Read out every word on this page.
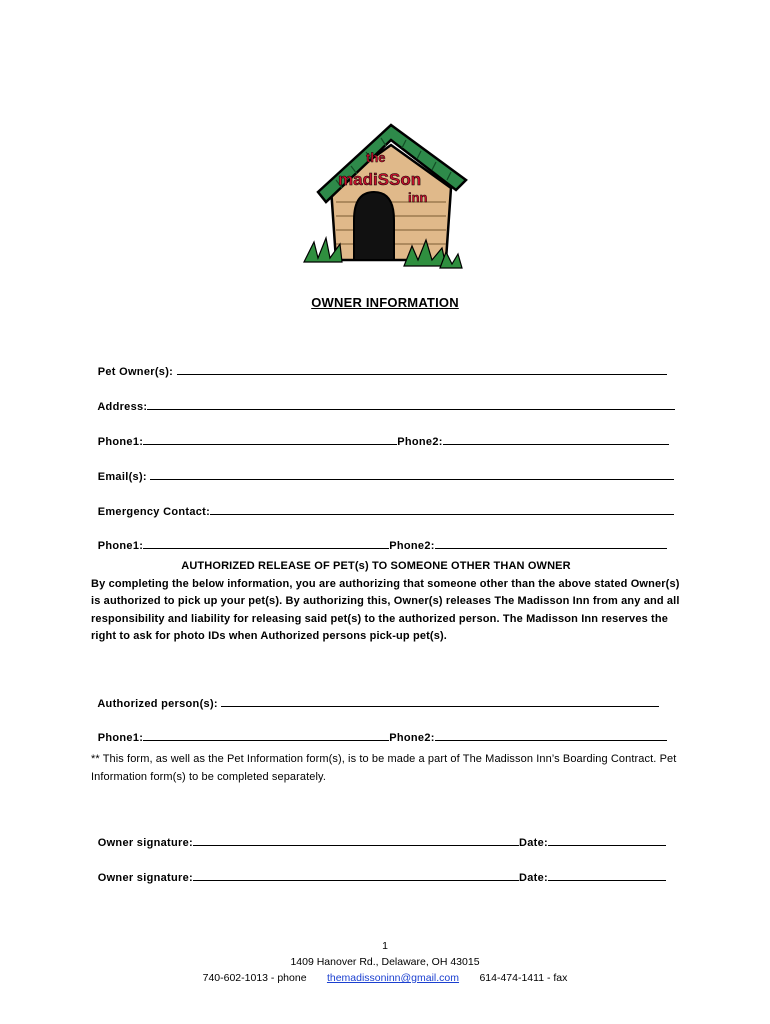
the
madiSSon
inn
OWNER INFORMATION

Pet Owner(s):

Address:

Phone1:	Phone2:

Email(s):

Emergency Contact:

Phone1:	Phone2:

AUTHORIZED RELEASE OF PET(s) TO SOMEONE OTHER THAN OWNER
By completing the below information, you are authorizing that someone other than the above stated Owner(s) is authorized to pick up your pet(s). By authorizing this, Owner(s) releases The Madisson Inn from any and all responsibility and liability for releasing said pet(s) to the authorized person. The Madisson Inn reserves the right to ask for photo IDs when Authorized persons pick-up pet(s).

Authorized person(s):

Phone1:	Phone2:

** This form, as well as the Pet Information form(s), is to be made a part of The Madisson Inn’s Boarding Contract. Pet Information form(s) to be completed separately.

Owner signature:	Date:

Owner signature:	Date:

1
1409 Hanover Rd., Delaware, OH 43015
740-602-1013 - phone themadissoninn@gmail.com 614-474-1411 - fax
